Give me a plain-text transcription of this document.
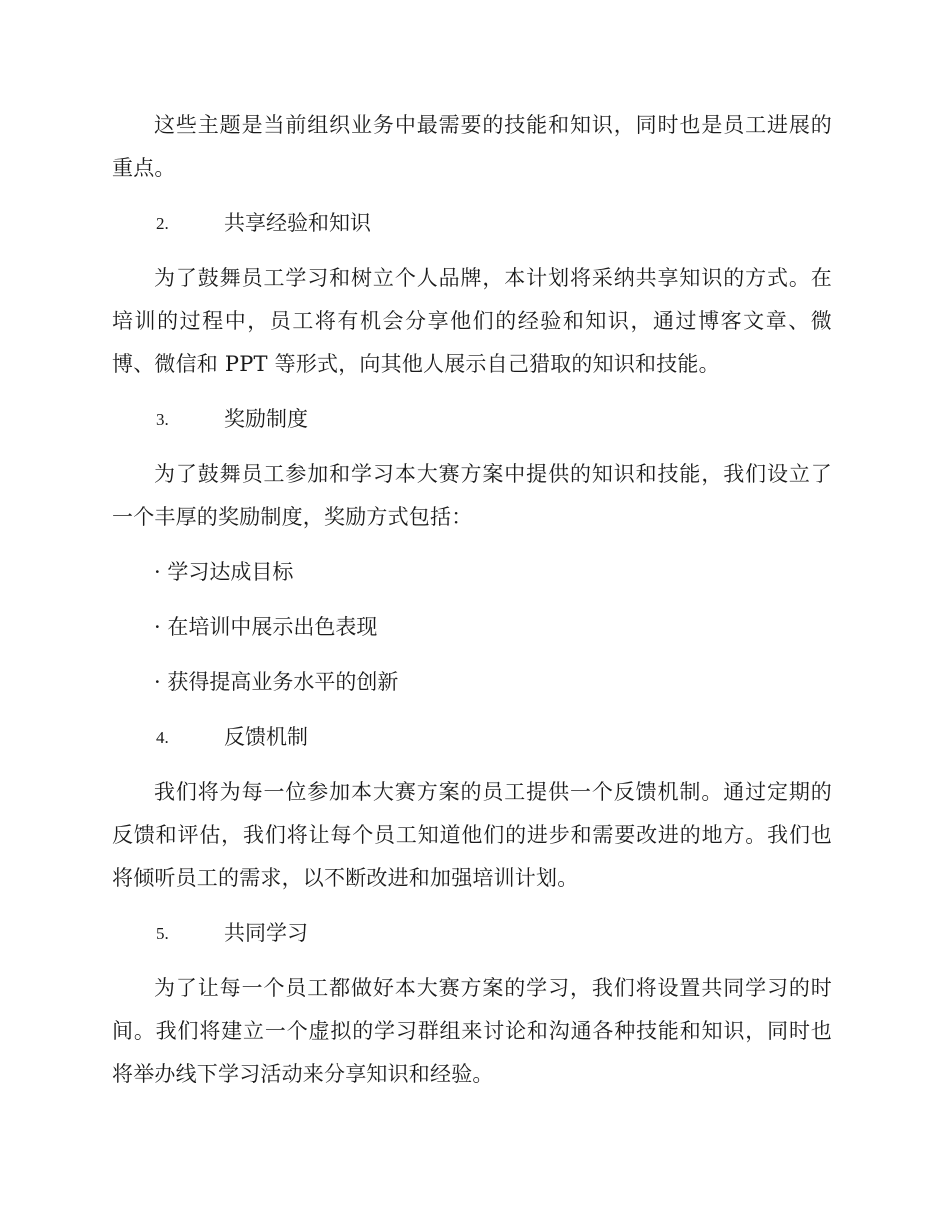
这些主题是当前组织业务中最需要的技能和知识，同时也是员工进展的重点。

2.	共享经验和知识

为了鼓舞员工学习和树立个人品牌，本计划将采纳共享知识的方式。在培训的过程中，员工将有机会分享他们的经验和知识，通过博客文章、微博、微信和 PPT 等形式，向其他人展示自己猎取的知识和技能。

3.	奖励制度

为了鼓舞员工参加和学习本大赛方案中提供的知识和技能，我们设立了一个丰厚的奖励制度，奖励方式包括：

· 学习达成目标
· 在培训中展示出色表现
· 获得提高业务水平的创新
4.	反馈机制

我们将为每一位参加本大赛方案的员工提供一个反馈机制。通过定期的反馈和评估，我们将让每个员工知道他们的进步和需要改进的地方。我们也将倾听员工的需求，以不断改进和加强培训计划。

5.	共同学习

为了让每一个员工都做好本大赛方案的学习，我们将设置共同学习的时间。我们将建立一个虚拟的学习群组来讨论和沟通各种技能和知识，同时也将举办线下学习活动来分享知识和经验。
